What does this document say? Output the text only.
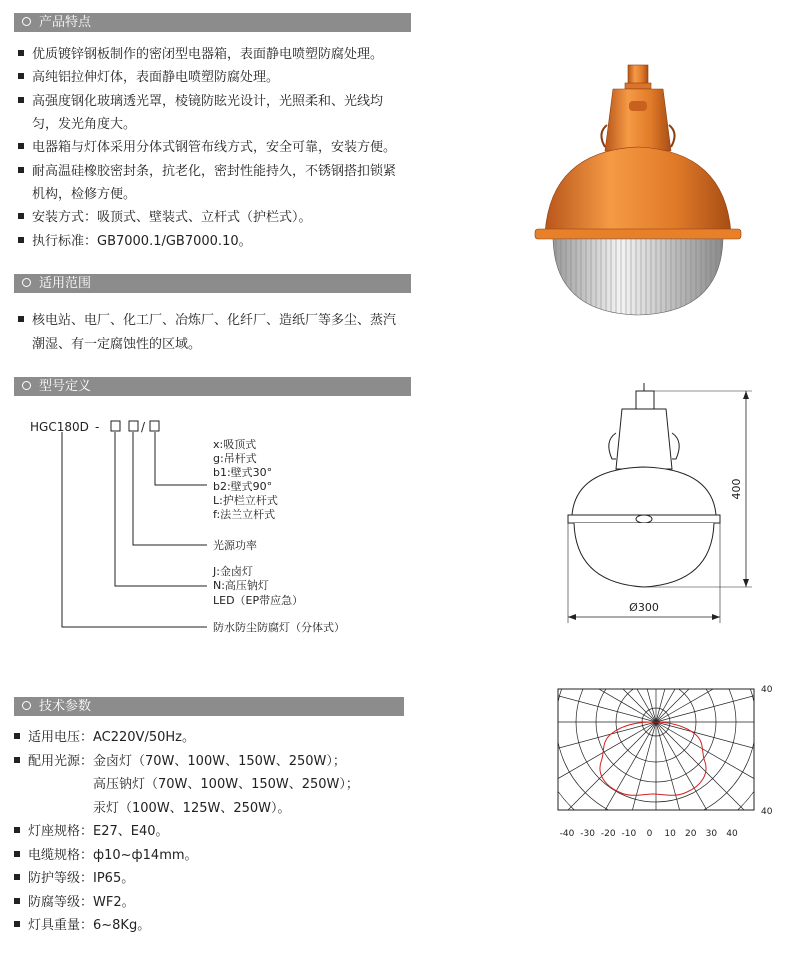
产品特点
适用范围
型号定义
技术参数
优质镀锌钢板制作的密闭型电器箱，表面静电喷塑防腐处理。
高纯铝拉伸灯体，表面静电喷塑防腐处理。
高强度钢化玻璃透光罩，棱镜防眩光设计，光照柔和、光线均
匀，发光角度大。
电器箱与灯体采用分体式钢管布线方式，安全可靠，安装方便。
耐高温硅橡胶密封条，抗老化，密封性能持久，不锈钢搭扣锁紧
机构，检修方便。
安装方式：吸顶式、壁装式、立杆式（护栏式）。
执行标准：GB7000.1/GB7000.10。
核电站、电厂、化工厂、冶炼厂、化纤厂、造纸厂等多尘、蒸汽
潮湿、有一定腐蚀性的区域。
HGC180D -	/
x:吸顶式
g:吊杆式
b1:壁式30°
b2:壁式90°
L:护栏立杆式
f:法兰立杆式
光源功率
J:金卤灯
N:高压钠灯
LED（EP带应急）
防水防尘防腐灯（分体式）
400
Ø300
40
40
-40 -30 -20 -10 0 10 20 30 40
适用电压：AC220V/50Hz。
配用光源：金卤灯（70W、100W、150W、250W）；
高压钠灯（70W、100W、150W、250W）；
汞灯（100W、125W、250W）。
灯座规格：E27、E40。
电缆规格：ф10~ф14mm。
防护等级：IP65。
防腐等级：WF2。
灯具重量：6~8Kg。
